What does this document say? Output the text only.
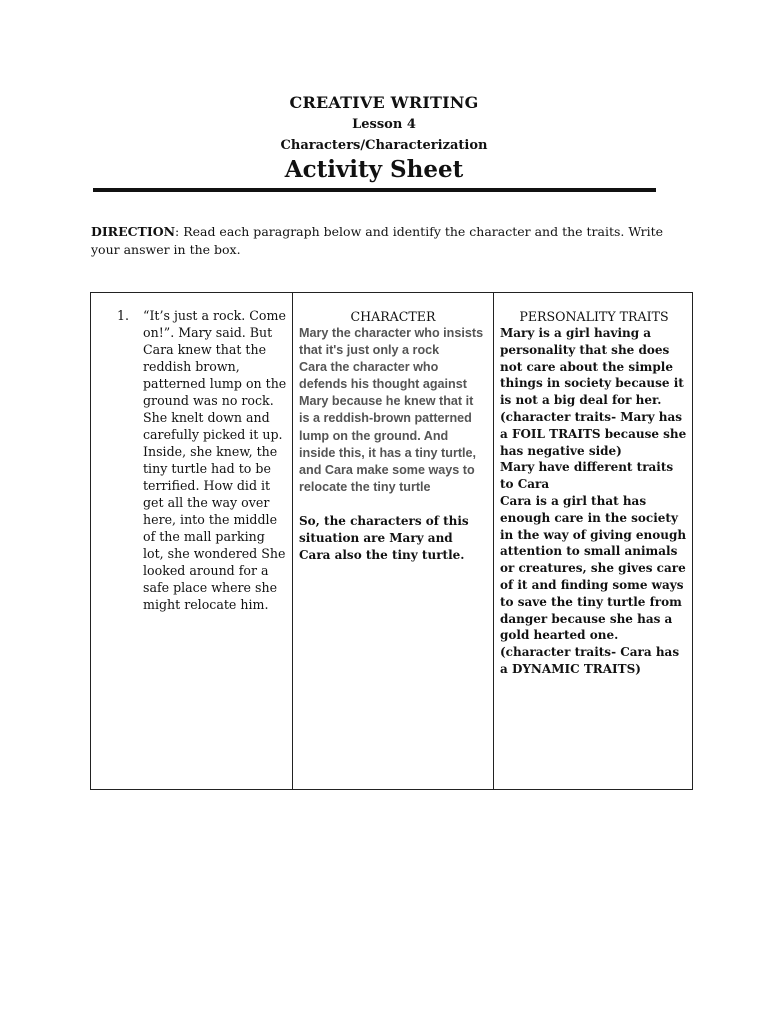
CREATIVE WRITING
Lesson 4
Characters/Characterization
Activity Sheet
DIRECTION: Read each paragraph below and identify the character and the traits. Write your answer in the box.
1.	“It’s just a rock. Come on!”. Mary said. But Cara knew that the reddish brown, patterned lump on the ground was no rock. She knelt down and carefully picked it up. Inside, she knew, the tiny turtle had to be terrified. How did it get all the way over here, into the middle of the mall parking lot, she wondered She looked around for a safe place where she might relocate him.
CHARACTER
Mary the character who insists that it's just only a rock
Cara the character who defends his thought against Mary because he knew that it is a reddish-brown patterned lump on the ground. And inside this, it has a tiny turtle, and Cara make some ways to relocate the tiny turtle
So, the characters of this situation are Mary and Cara also the tiny turtle.
PERSONALITY TRAITS
Mary is a girl having a personality that she does not care about the simple things in society because it is not a big deal for her. (character traits- Mary has a FOIL TRAITS because she has negative side)
Mary have different traits to Cara
Cara is a girl that has enough care in the society in the way of giving enough attention to small animals or creatures, she gives care of it and finding some ways to save the tiny turtle from danger because she has a gold hearted one.
(character traits- Cara has a DYNAMIC TRAITS)
